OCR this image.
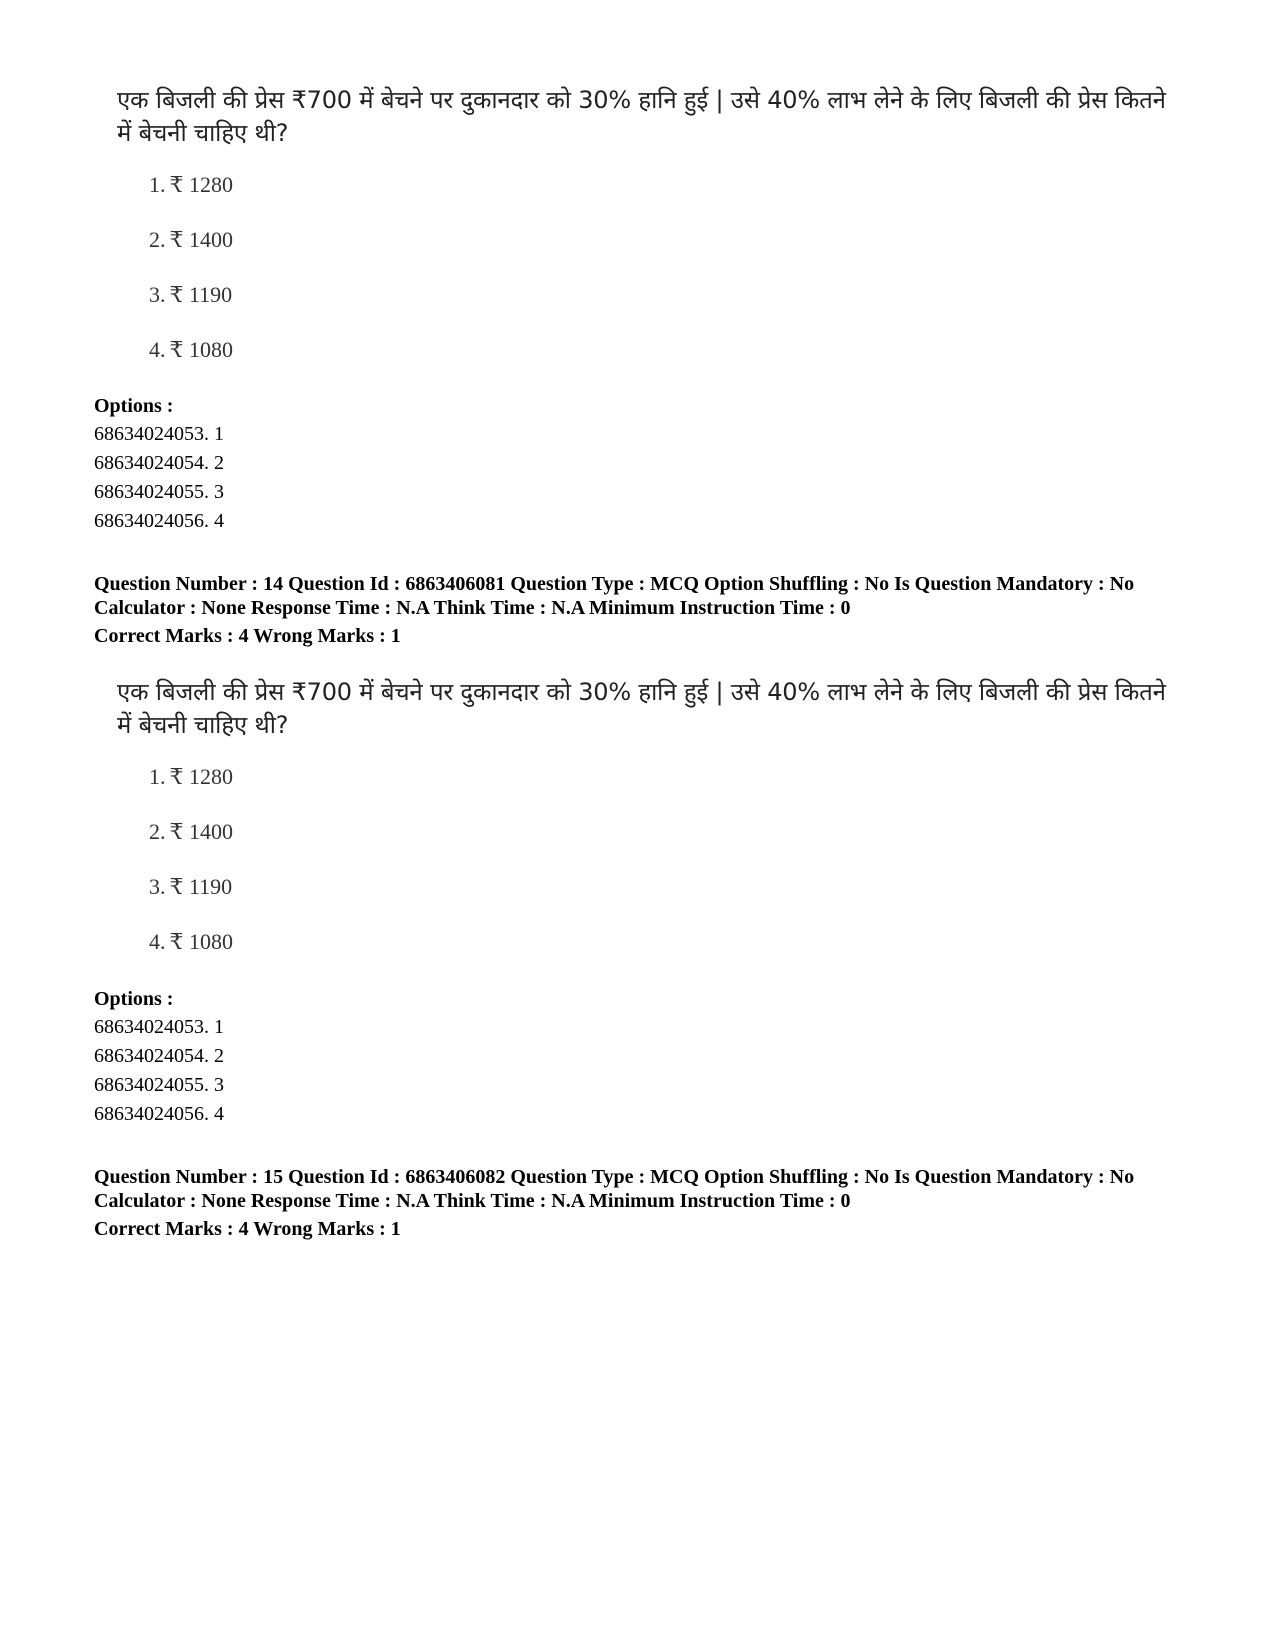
एक बिजली की प्रेस ₹700 में बेचने पर दुकानदार को 30% हानि हुई | उसे 40% लाभ लेने के लिए बिजली की प्रेस कितने में बेचनी चाहिए थी?

1. ₹ 1280
2. ₹ 1400
3. ₹ 1190
4. ₹ 1080

Options :

68634024053. 1

68634024054. 2

68634024055. 3

68634024056. 4

Question Number : 14 Question Id : 6863406081 Question Type : MCQ Option Shuffling : No Is Question Mandatory : No Calculator : None Response Time : N.A Think Time : N.A Minimum Instruction Time : 0

Correct Marks : 4 Wrong Marks : 1

एक बिजली की प्रेस ₹700 में बेचने पर दुकानदार को 30% हानि हुई | उसे 40% लाभ लेने के लिए बिजली की प्रेस कितने में बेचनी चाहिए थी?

1. ₹ 1280
2. ₹ 1400
3. ₹ 1190
4. ₹ 1080

Options :

68634024053. 1

68634024054. 2

68634024055. 3

68634024056. 4

Question Number : 15 Question Id : 6863406082 Question Type : MCQ Option Shuffling : No Is Question Mandatory : No Calculator : None Response Time : N.A Think Time : N.A Minimum Instruction Time : 0

Correct Marks : 4 Wrong Marks : 1
